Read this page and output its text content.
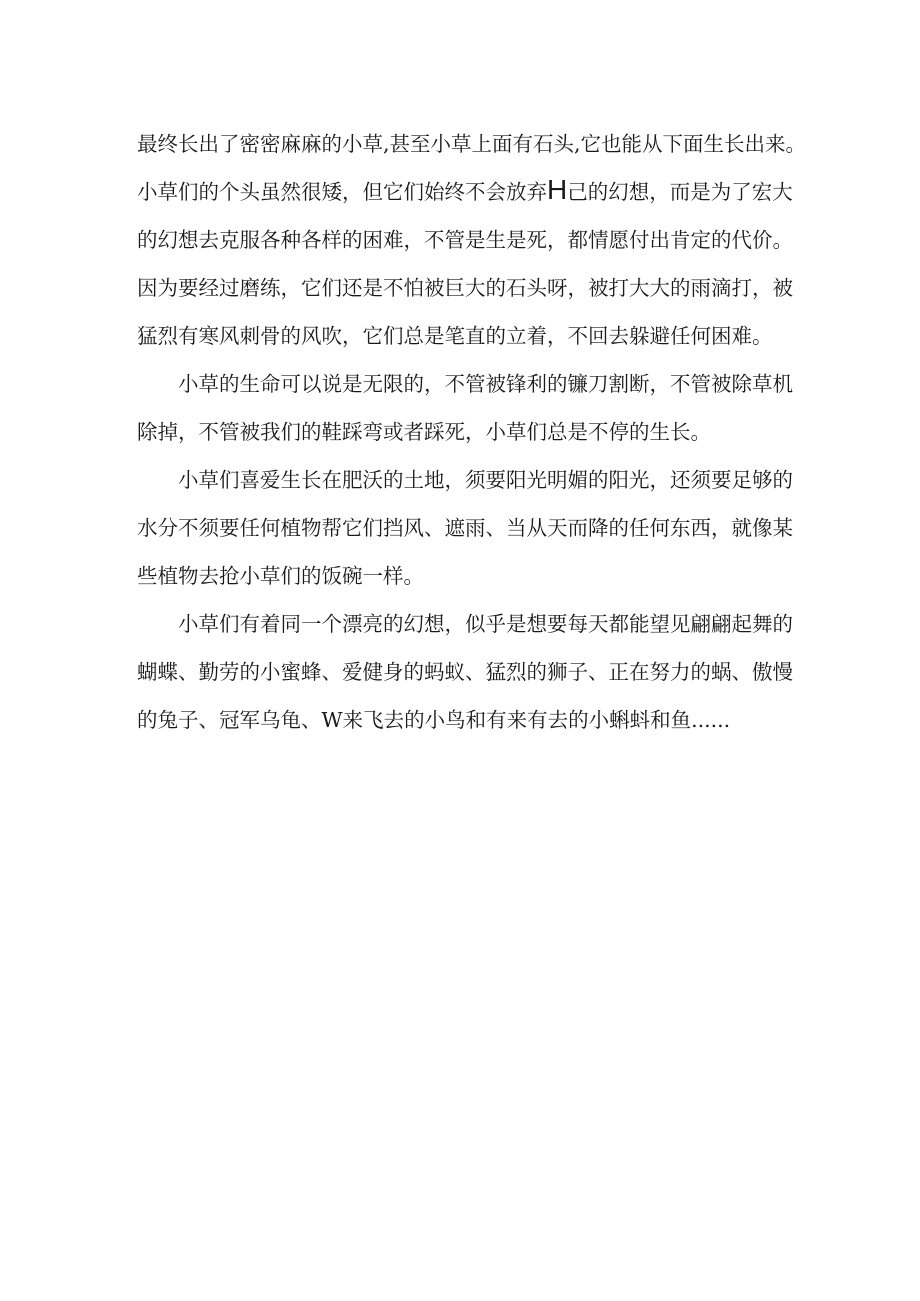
最终长出了密密麻麻的小草,甚至小草上面有石头,它也能从下面生长出来。
小草们的个头虽然很矮，但它们始终不会放弃H己的幻想，而是为了宏大
的幻想去克服各种各样的困难，不管是生是死，都情愿付出肯定的代价。
因为要经过磨练，它们还是不怕被巨大的石头呀，被打大大的雨滴打，被
猛烈有寒风刺骨的风吹，它们总是笔直的立着，不回去躲避任何困难。
小草的生命可以说是无限的，不管被锋利的镰刀割断，不管被除草机
除掉，不管被我们的鞋踩弯或者踩死，小草们总是不停的生长。
小草们喜爱生长在肥沃的土地，须要阳光明媚的阳光，还须要足够的
水分不须要任何植物帮它们挡风、遮雨、当从天而降的任何东西，就像某
些植物去抢小草们的饭碗一样。
小草们有着同一个漂亮的幻想，似乎是想要每天都能望见翩翩起舞的
蝴蝶、勤劳的小蜜蜂、爱健身的蚂蚁、猛烈的狮子、正在努力的蜗、傲慢
的兔子、冠军乌龟、W来飞去的小鸟和有来有去的小蝌蚪和鱼......
